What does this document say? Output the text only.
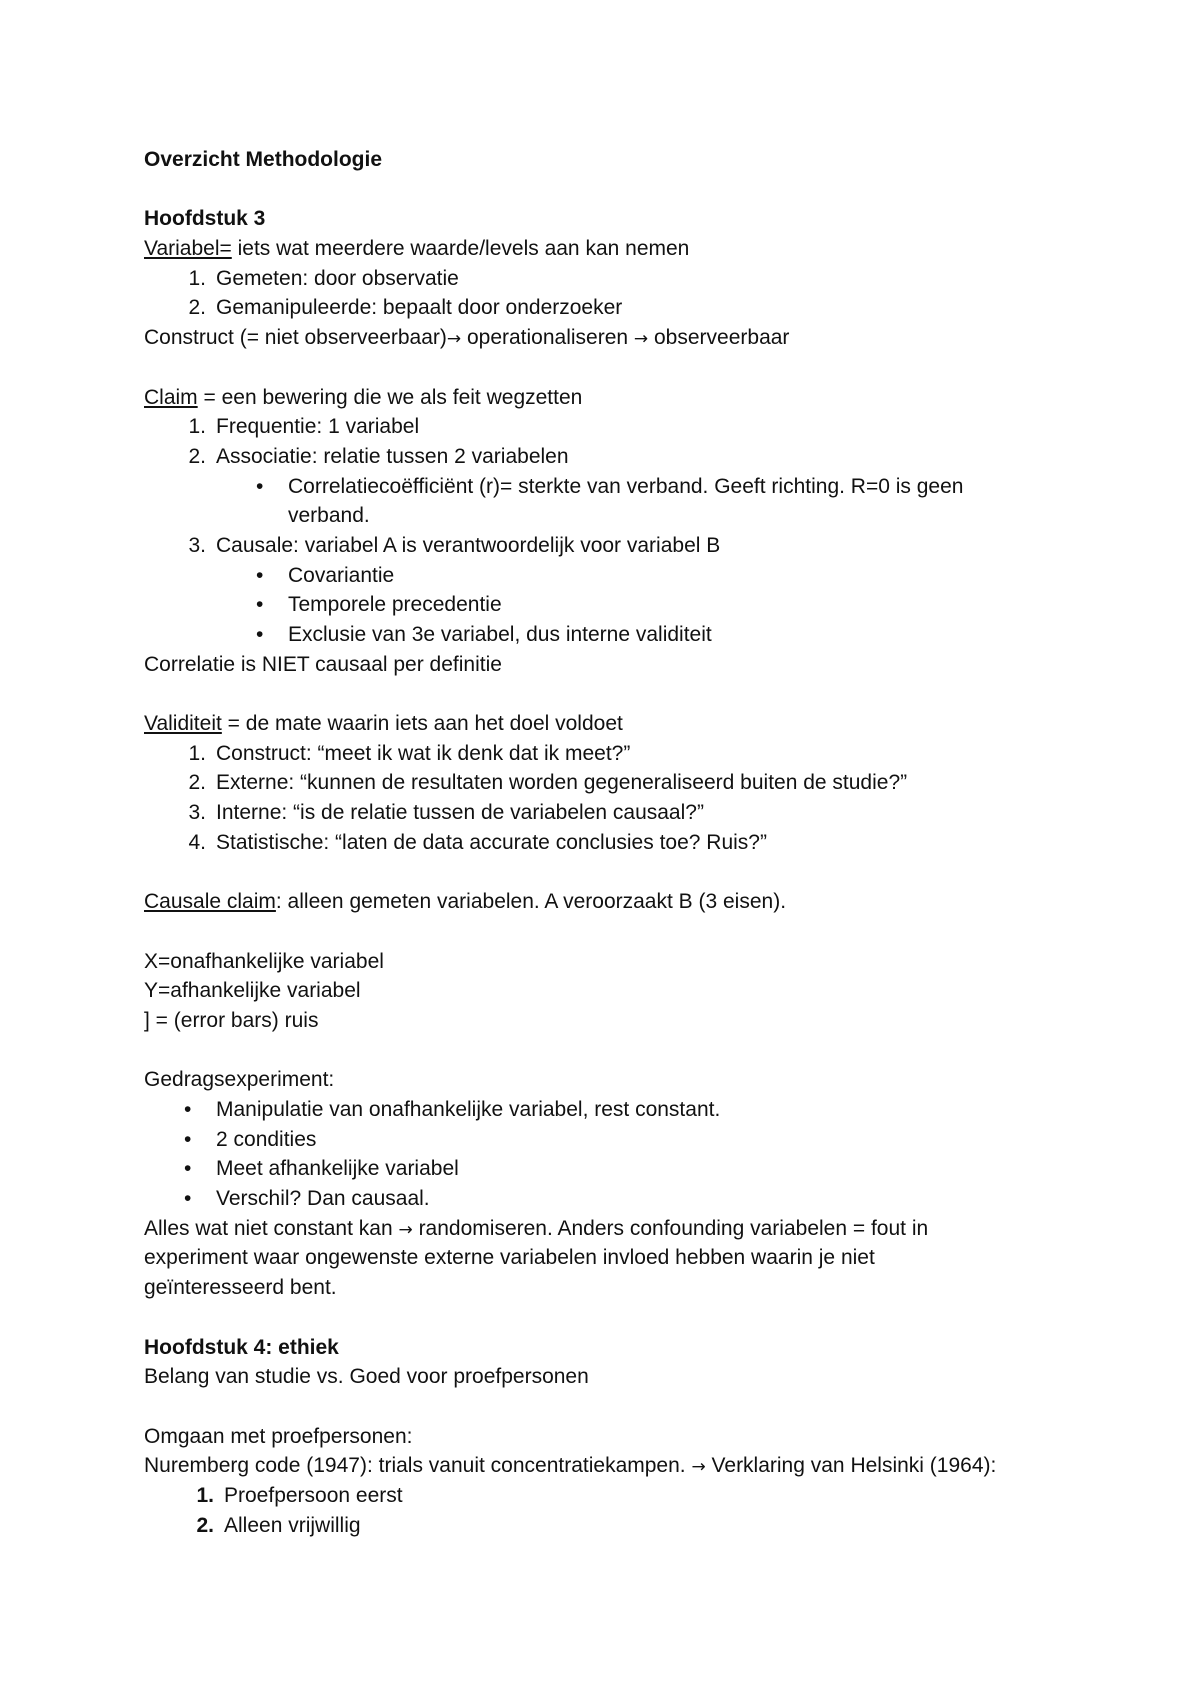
Overzicht Methodologie
Hoofdstuk 3
Variabel= iets wat meerdere waarde/levels aan kan nemen
1. Gemeten: door observatie
2. Gemanipuleerde: bepaalt door onderzoeker
Construct (= niet observeerbaar)→ operationaliseren → observeerbaar
Claim = een bewering die we als feit wegzetten
1. Frequentie: 1 variabel
2. Associatie: relatie tussen 2 variabelen
•	Correlatiecoëfficiënt (r)= sterkte van verband. Geeft richting. R=0 is geen verband.
3. Causale: variabel A is verantwoordelijk voor variabel B
•	Covariantie
•	Temporele precedentie
•	Exclusie van 3e variabel, dus interne validiteit
Correlatie is NIET causaal per definitie
Validiteit = de mate waarin iets aan het doel voldoet
1. Construct: “meet ik wat ik denk dat ik meet?”
2. Externe: “kunnen de resultaten worden gegeneraliseerd buiten de studie?”
3. Interne: “is de relatie tussen de variabelen causaal?”
4. Statistische: “laten de data accurate conclusies toe? Ruis?”
Causale claim: alleen gemeten variabelen. A veroorzaakt B (3 eisen).
X=onafhankelijke variabel
Y=afhankelijke variabel
] = (error bars) ruis
Gedragsexperiment:
•	Manipulatie van onafhankelijke variabel, rest constant.
•	2 condities
•	Meet afhankelijke variabel
•	Verschil? Dan causaal.
Alles wat niet constant kan → randomiseren. Anders confounding variabelen = fout in
experiment waar ongewenste externe variabelen invloed hebben waarin je niet
geïnteresseerd bent.
Hoofdstuk 4: ethiek
Belang van studie vs. Goed voor proefpersonen
Omgaan met proefpersonen:
Nuremberg code (1947): trials vanuit concentratiekampen. → Verklaring van Helsinki (1964):
1. Proefpersoon eerst
2. Alleen vrijwillig
